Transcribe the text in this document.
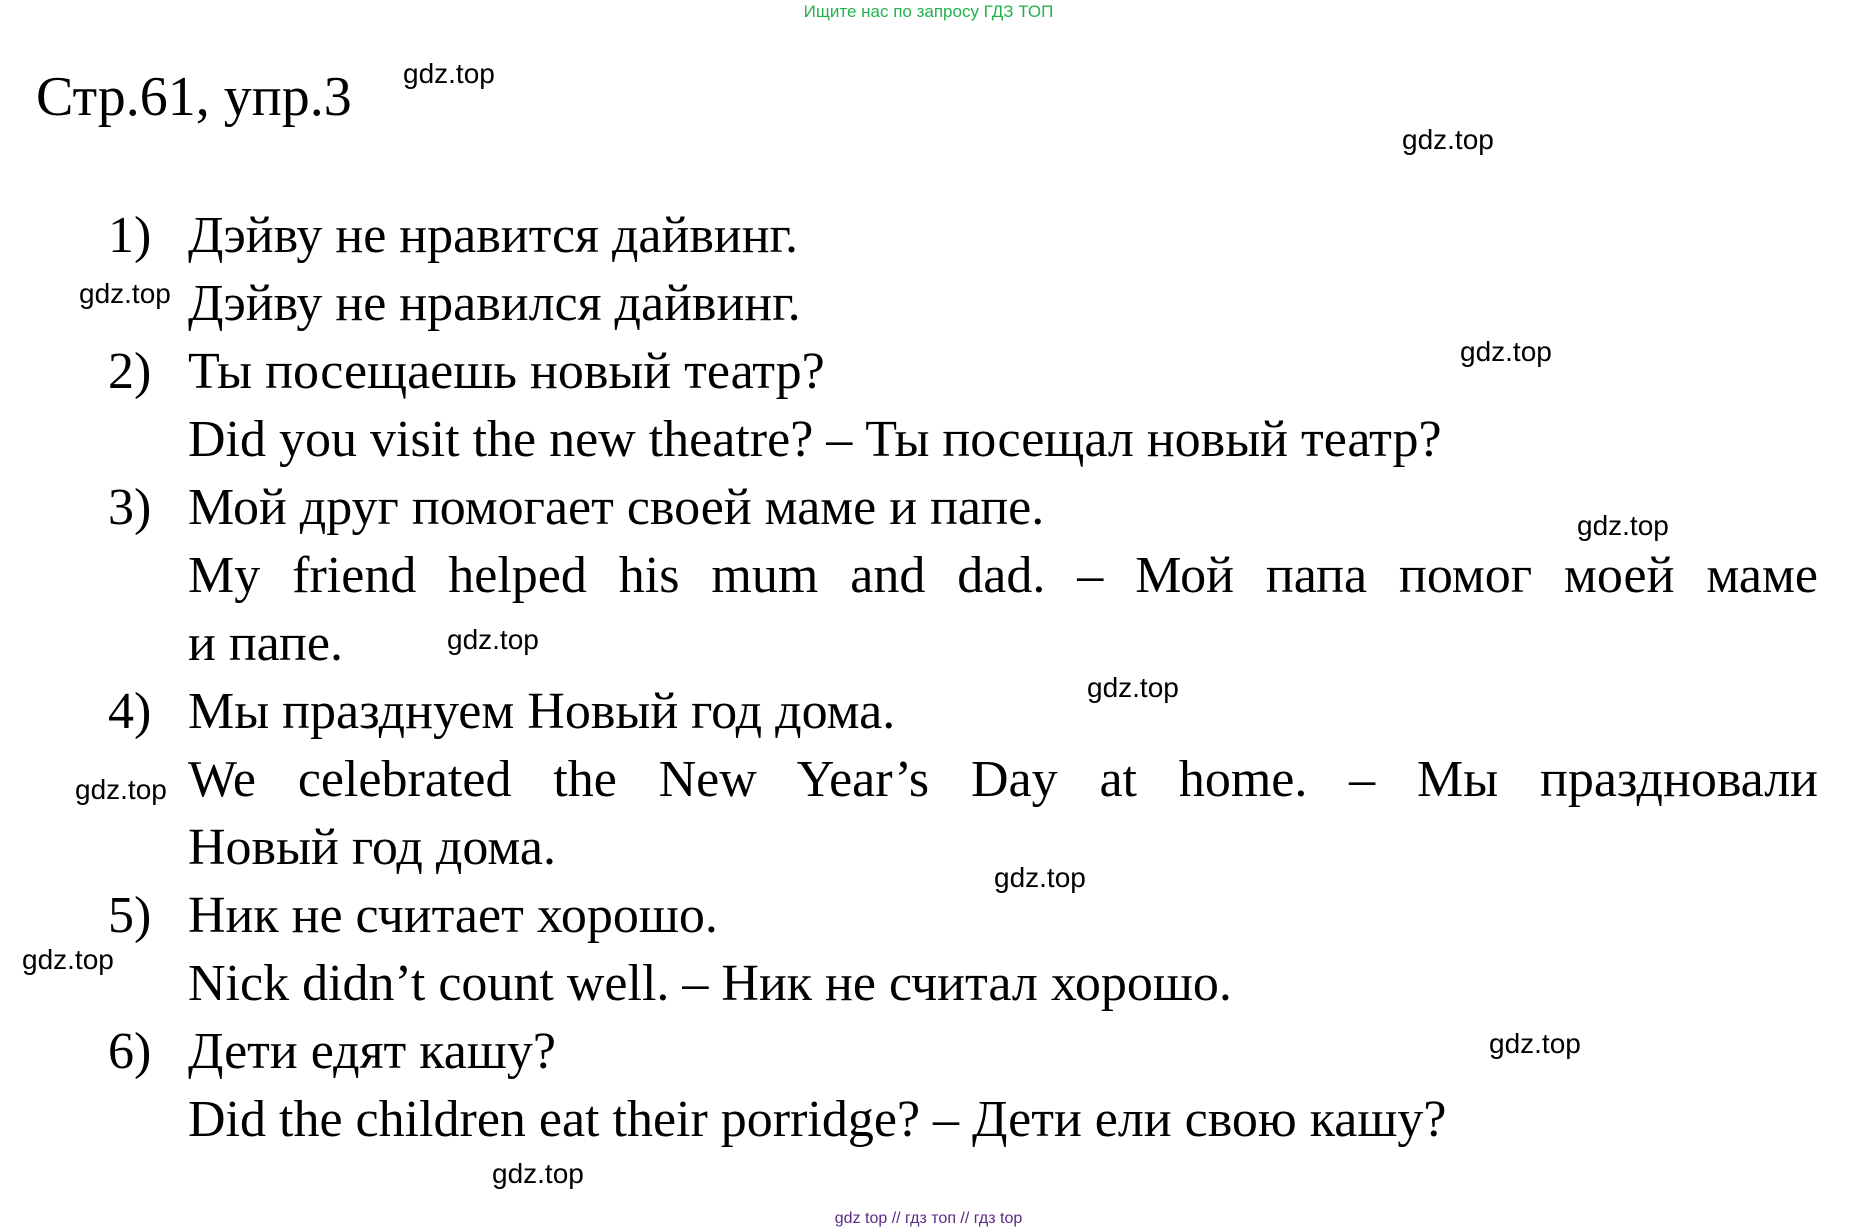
Ищите нас по запросу ГДЗ ТОП
Стр.61, упр.3
1) Дэйву не нравится дайвинг.
Дэйву не нравился дайвинг.
2) Ты посещаешь новый театр?
Did you visit the new theatre? – Ты посещал новый театр?
3) Мой друг помогает своей маме и папе.
My friend helped his mum and dad. – Мой папа помог моей маме
и папе.
4) Мы празднуем Новый год дома.
We celebrated the New Year’s Day at home. – Мы праздновали
Новый год дома.
5) Ник не считает хорошо.
Nick didn’t count well. – Ник не считал хорошо.
6) Дети едят кашу?
Did the children eat their porridge? – Дети ели свою кашу?
gdz.top
gdz.top
gdz.top
gdz.top
gdz.top
gdz.top
gdz.top
gdz.top
gdz.top
gdz.top
gdz.top
gdz.top
gdz top // гдз топ // гдз top
